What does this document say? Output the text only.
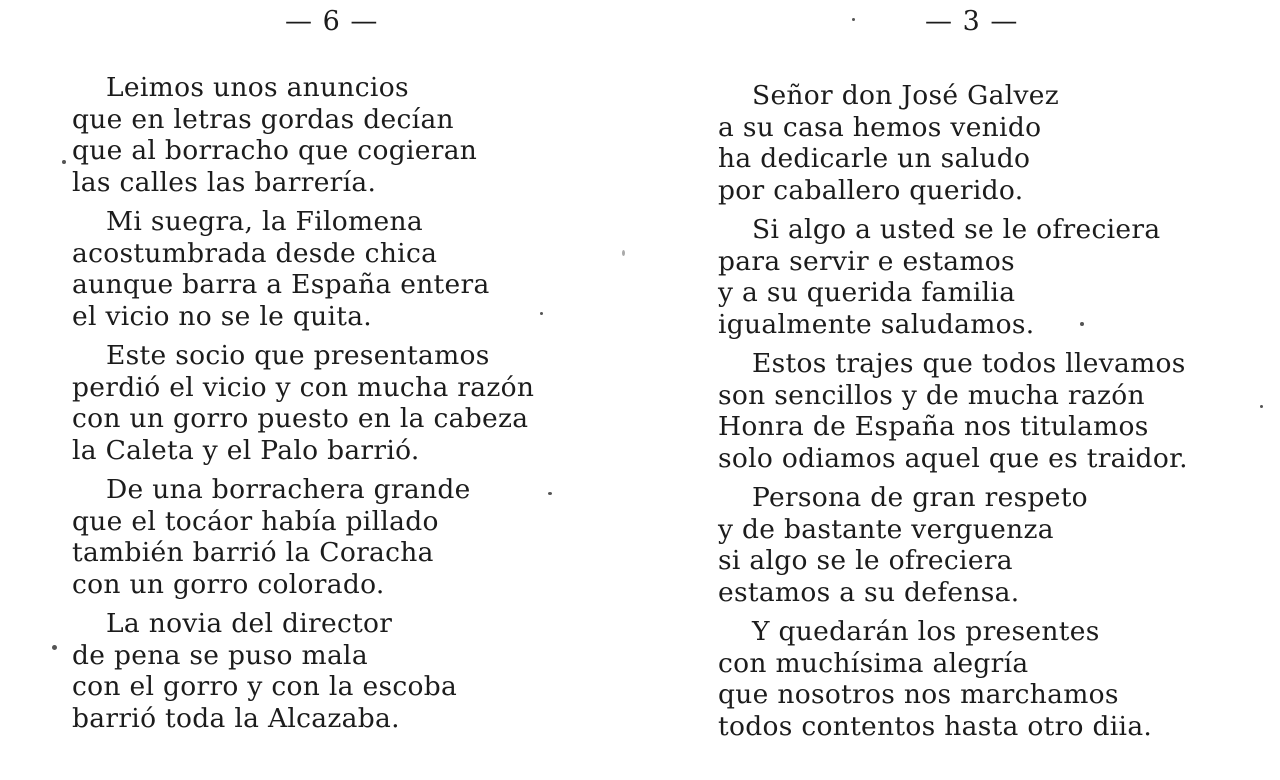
— 6 —
Leimos unos anuncios
que en letras gordas decían
que al borracho que cogieran
las calles las barrería.
Mi suegra, la Filomena
acostumbrada desde chica
aunque barra a España entera
el vicio no se le quita.
Este socio que presentamos
perdió el vicio y con mucha razón
con un gorro puesto en la cabeza
la Caleta y el Palo barrió.
De una borrachera grande
que el tocáor había pillado
también barrió la Coracha
con un gorro colorado.
La novia del director
de pena se puso mala
con el gorro y con la escoba
barrió toda la Alcazaba.
— 3 —
Señor don José Galvez
a su casa hemos venido
ha dedicarle un saludo
por caballero querido.
Si algo a usted se le ofreciera
para servir e estamos
y a su querida familia
igualmente saludamos.
Estos trajes que todos llevamos
son sencillos y de mucha razón
Honra de España nos titulamos
solo odiamos aquel que es traidor.
Persona de gran respeto
y de bastante verguenza
si algo se le ofreciera
estamos a su defensa.
Y quedarán los presentes
con muchísima alegría
que nosotros nos marchamos
todos contentos hasta otro diia.
